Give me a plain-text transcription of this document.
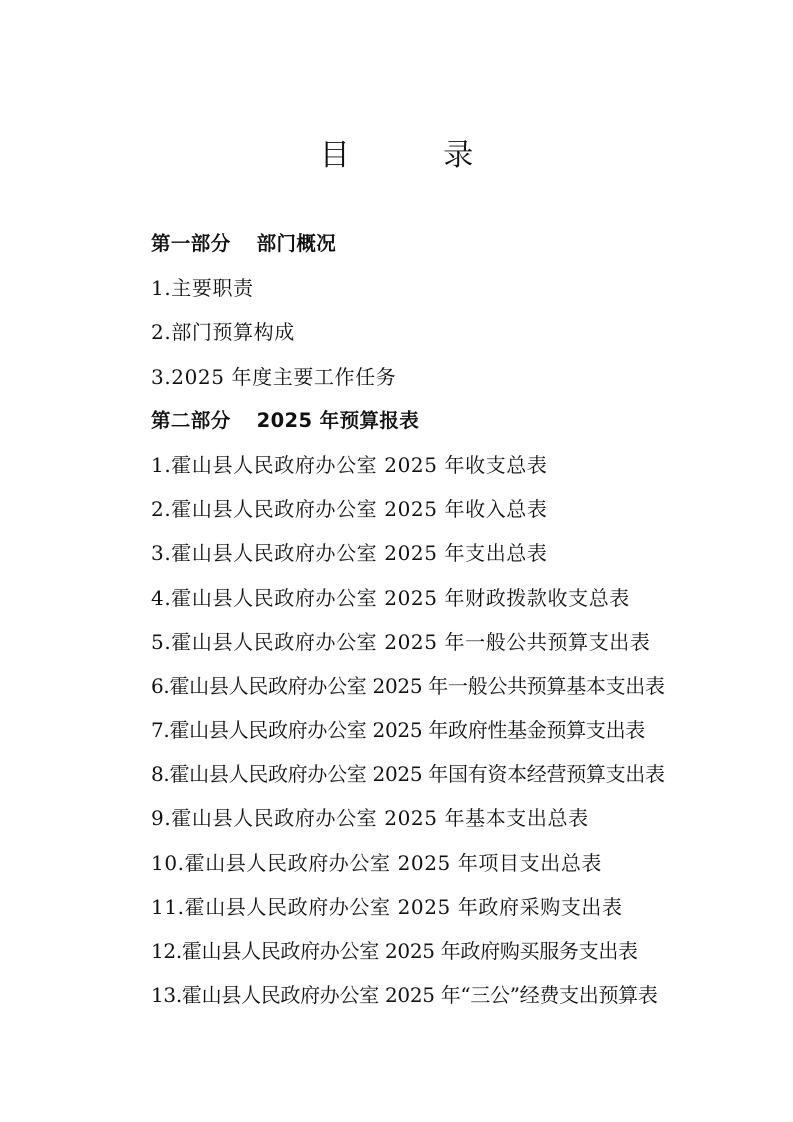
目 录
第一部分 部门概况
1.主要职责
2.部门预算构成
3.2025 年度主要工作任务
第二部分 2025 年预算报表
1.霍山县人民政府办公室 2025 年收支总表
2.霍山县人民政府办公室 2025 年收入总表
3.霍山县人民政府办公室 2025 年支出总表
4.霍山县人民政府办公室 2025 年财政拨款收支总表
5.霍山县人民政府办公室 2025 年一般公共预算支出表
6.霍山县人民政府办公室 2025 年一般公共预算基本支出表
7.霍山县人民政府办公室 2025 年政府性基金预算支出表
8.霍山县人民政府办公室 2025 年国有资本经营预算支出表
9.霍山县人民政府办公室 2025 年基本支出总表
10.霍山县人民政府办公室 2025 年项目支出总表
11.霍山县人民政府办公室 2025 年政府采购支出表
12.霍山县人民政府办公室 2025 年政府购买服务支出表
13.霍山县人民政府办公室 2025 年“三公”经费支出预算表
